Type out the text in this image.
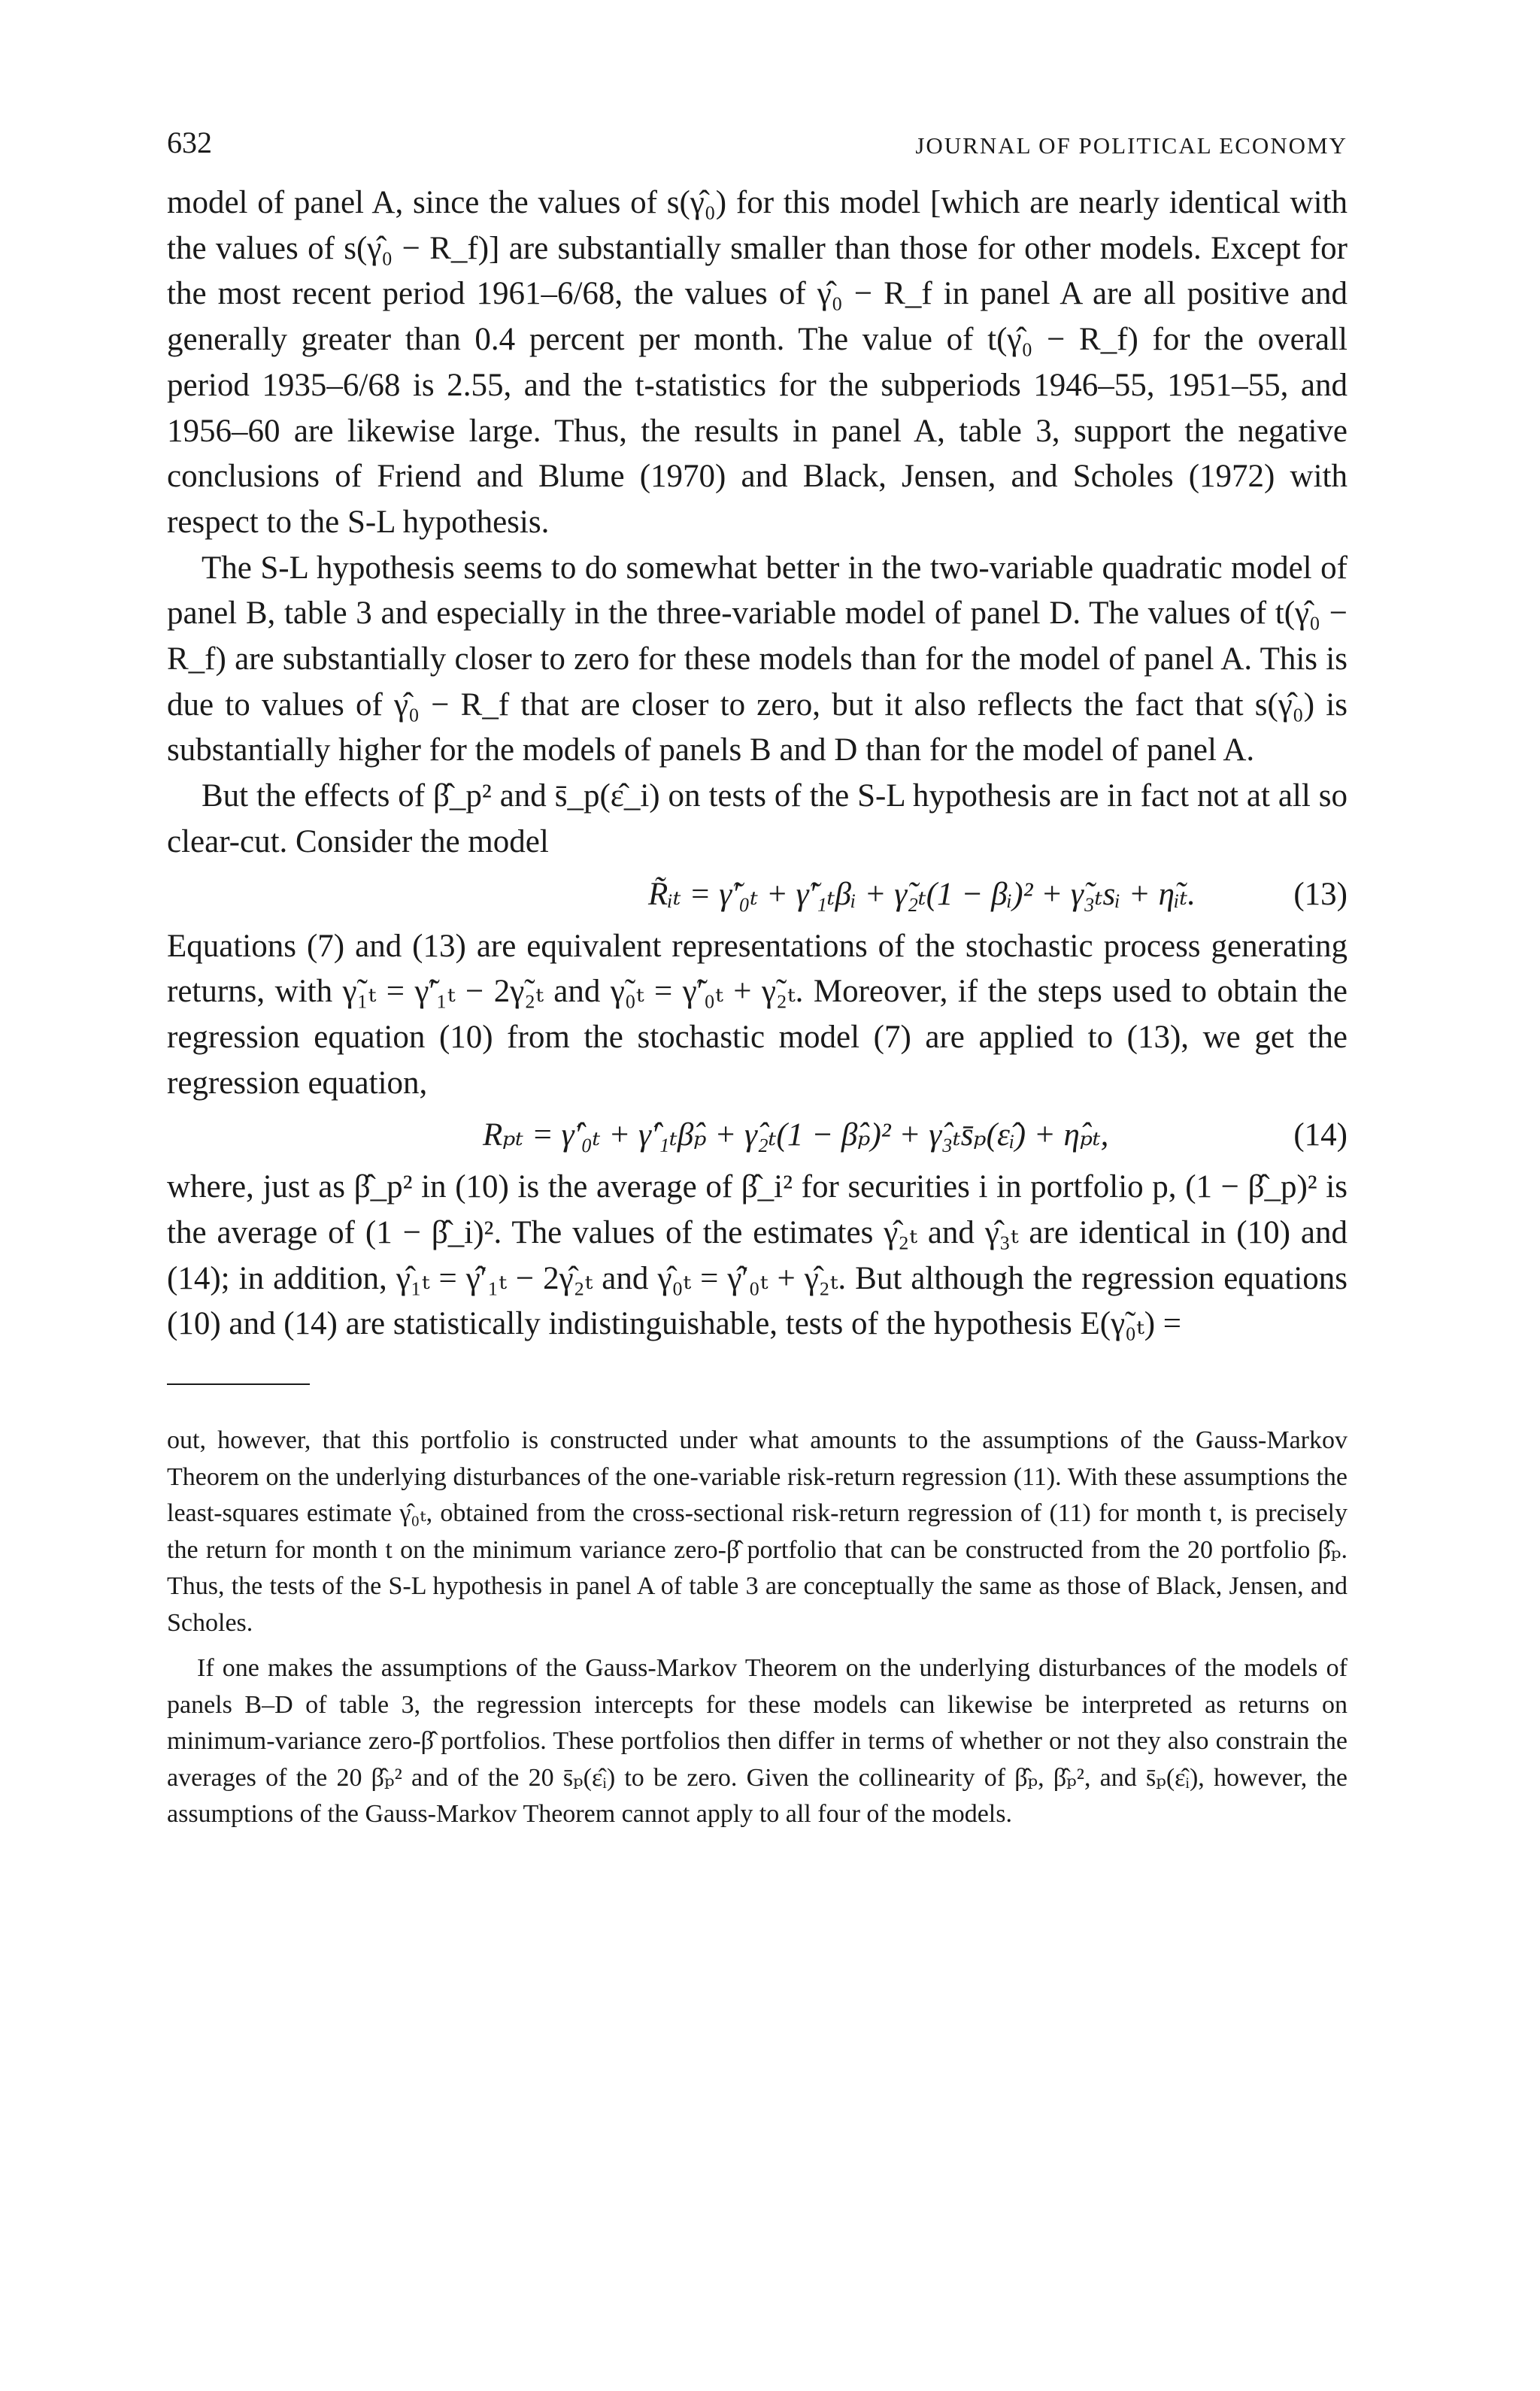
632	JOURNAL OF POLITICAL ECONOMY

model of panel A, since the values of s(γ̂₀) for this model [which are nearly identical with the values of s(γ̂₀ − R_f)] are substantially smaller than those for other models. Except for the most recent period 1961–6/68, the values of γ̂₀ − R_f in panel A are all positive and generally greater than 0.4 percent per month. The value of t(γ̂₀ − R_f) for the overall period 1935–6/68 is 2.55, and the t-statistics for the subperiods 1946–55, 1951–55, and 1956–60 are likewise large. Thus, the results in panel A, table 3, support the negative conclusions of Friend and Blume (1970) and Black, Jensen, and Scholes (1972) with respect to the S-L hypothesis.

The S-L hypothesis seems to do somewhat better in the two-variable quadratic model of panel B, table 3 and especially in the three-variable model of panel D. The values of t(γ̂₀ − R_f) are substantially closer to zero for these models than for the model of panel A. This is due to values of γ̂₀ − R_f that are closer to zero, but it also reflects the fact that s(γ̂₀) is substantially higher for the models of panels B and D than for the model of panel A.

But the effects of β̂_p² and s̄_p(ε̂_i) on tests of the S-L hypothesis are in fact not at all so clear-cut. Consider the model

R̃ᵢₜ = γ̃′₀ₜ + γ̃′₁ₜβᵢ + γ̃₂ₜ(1 − βᵢ)² + γ̃₃ₜsᵢ + η̃ᵢₜ.	(13)

Equations (7) and (13) are equivalent representations of the stochastic process generating returns, with γ̃₁ₜ = γ̃′₁ₜ − 2γ̃₂ₜ and γ̃₀ₜ = γ̃′₀ₜ + γ̃₂ₜ. Moreover, if the steps used to obtain the regression equation (10) from the stochastic model (7) are applied to (13), we get the regression equation,

Rₚₜ = γ̂′₀ₜ + γ̂′₁ₜβ̂ₚ + γ̂₂ₜ(1 − β̂ₚ)² + γ̂₃ₜs̄ₚ(ε̂ᵢ) + η̂ₚₜ,	(14)

where, just as β̂_p² in (10) is the average of β̂_i² for securities i in portfolio p, (1 − β̂_p)² is the average of (1 − β̂_i)². The values of the estimates γ̂₂ₜ and γ̂₃ₜ are identical in (10) and (14); in addition, γ̂₁ₜ = γ̂′₁ₜ − 2γ̂₂ₜ and γ̂₀ₜ = γ̂′₀ₜ + γ̂₂ₜ. But although the regression equations (10) and (14) are statistically indistinguishable, tests of the hypothesis E(γ̃₀ₜ) =

out, however, that this portfolio is constructed under what amounts to the assumptions of the Gauss-Markov Theorem on the underlying disturbances of the one-variable risk-return regression (11). With these assumptions the least-squares estimate γ̂₀ₜ, obtained from the cross-sectional risk-return regression of (11) for month t, is precisely the return for month t on the minimum variance zero-β̂ portfolio that can be constructed from the 20 portfolio β̂ₚ. Thus, the tests of the S-L hypothesis in panel A of table 3 are conceptually the same as those of Black, Jensen, and Scholes.

If one makes the assumptions of the Gauss-Markov Theorem on the underlying disturbances of the models of panels B–D of table 3, the regression intercepts for these models can likewise be interpreted as returns on minimum-variance zero-β̂ portfolios. These portfolios then differ in terms of whether or not they also constrain the averages of the 20 β̂ₚ² and of the 20 s̄ₚ(ε̂ᵢ) to be zero. Given the collinearity of β̂ₚ, β̂ₚ², and s̄ₚ(ε̂ᵢ), however, the assumptions of the Gauss-Markov Theorem cannot apply to all four of the models.
